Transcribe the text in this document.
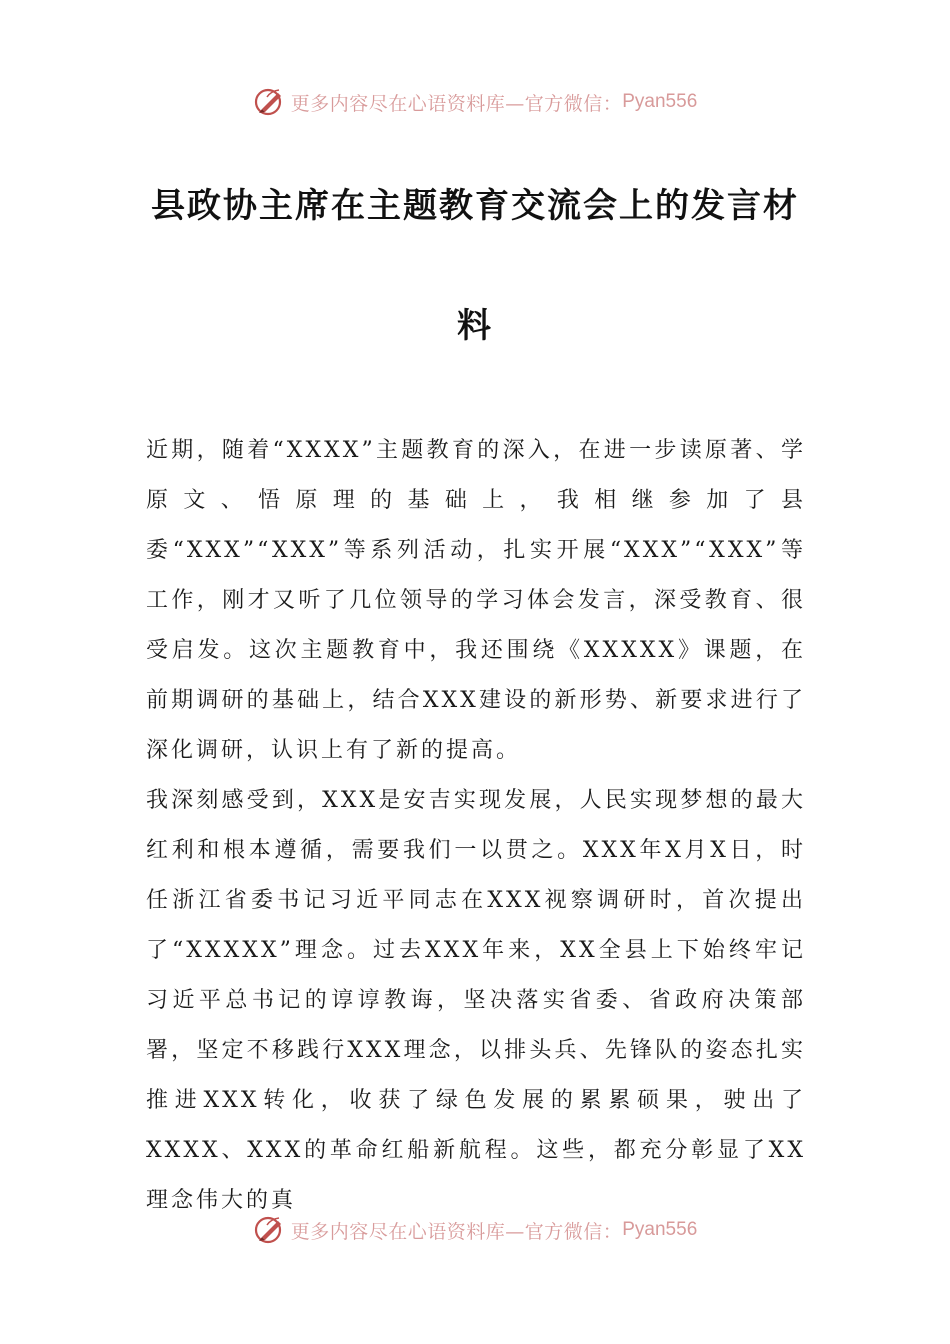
更多内容尽在心语资料库—官方微信： Pyan556
县政协主席在主题教育交流会上的发言材
料

近期，随着“XXXX”主题教育的深入，在进一步读原著、学原文、悟原理的基础上，我相继参加了县委“XXX”“XXX”等系列活动，扎实开展“XXX”“XXX”等工作，刚才又听了几位领导的学习体会发言，深受教育、很受启发。这次主题教育中，我还围绕《XXXXX》课题，在前期调研的基础上，结合XXX建设的新形势、新要求进行了深化调研，认识上有了新的提高。

我深刻感受到，XXX是安吉实现发展，人民实现梦想的最大红利和根本遵循，需要我们一以贯之。XXX年X月X日，时任浙江省委书记习近平同志在XXX视察调研时，首次提出了“XXXXX”理念。过去XXX年来，XX全县上下始终牢记习近平总书记的谆谆教诲，坚决落实省委、省政府决策部署，坚定不移践行XXX理念，以排头兵、先锋队的姿态扎实推进XXX转化，收获了绿色发展的累累硕果，驶出了XXXX、XXX的革命红船新航程。这些，都充分彰显了XX理念伟大的真

更多内容尽在心语资料库—官方微信： Pyan556
